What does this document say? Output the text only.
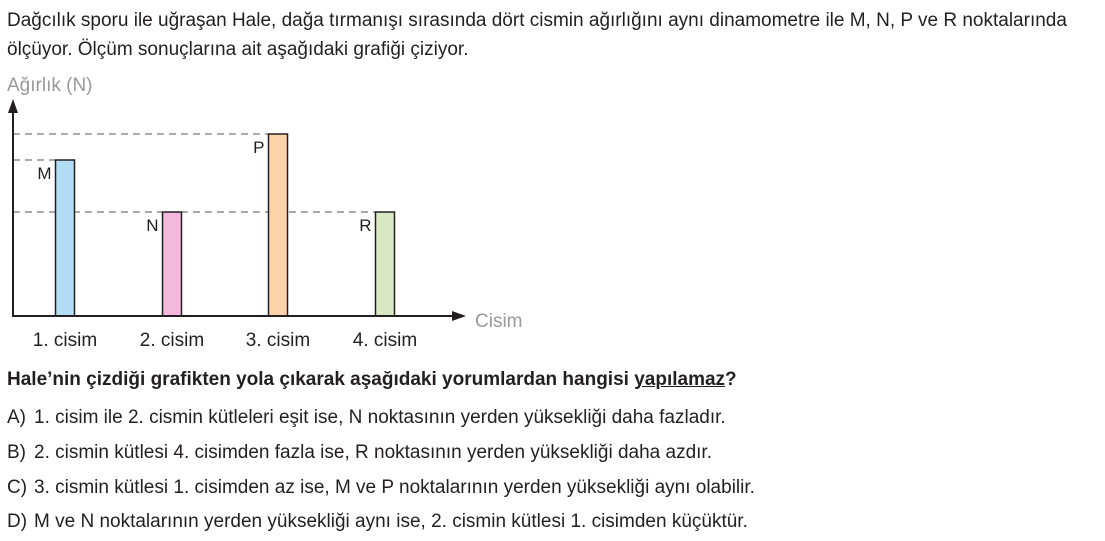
Dağcılık sporu ile uğraşan Hale, dağa tırmanışı sırasında dört cismin ağırlığını aynı dinamometre ile M, N, P ve R noktalarında ölçüyor. Ölçüm sonuçlarına ait aşağıdaki grafiği çiziyor.

Ağırlık (N)
M
N
P
R
Cisim
1. cisim 2. cisim 3. cisim 4. cisim

Hale’nin çizdiği grafikten yola çıkarak aşağıdaki yorumlardan hangisi yapılamaz?

A) 1. cisim ile 2. cismin kütleleri eşit ise, N noktasının yerden yüksekliği daha fazladır.
B) 2. cismin kütlesi 4. cisimden fazla ise, R noktasının yerden yüksekliği daha azdır.
C) 3. cismin kütlesi 1. cisimden az ise, M ve P noktalarının yerden yüksekliği aynı olabilir.
D) M ve N noktalarının yerden yüksekliği aynı ise, 2. cismin kütlesi 1. cisimden küçüktür.
